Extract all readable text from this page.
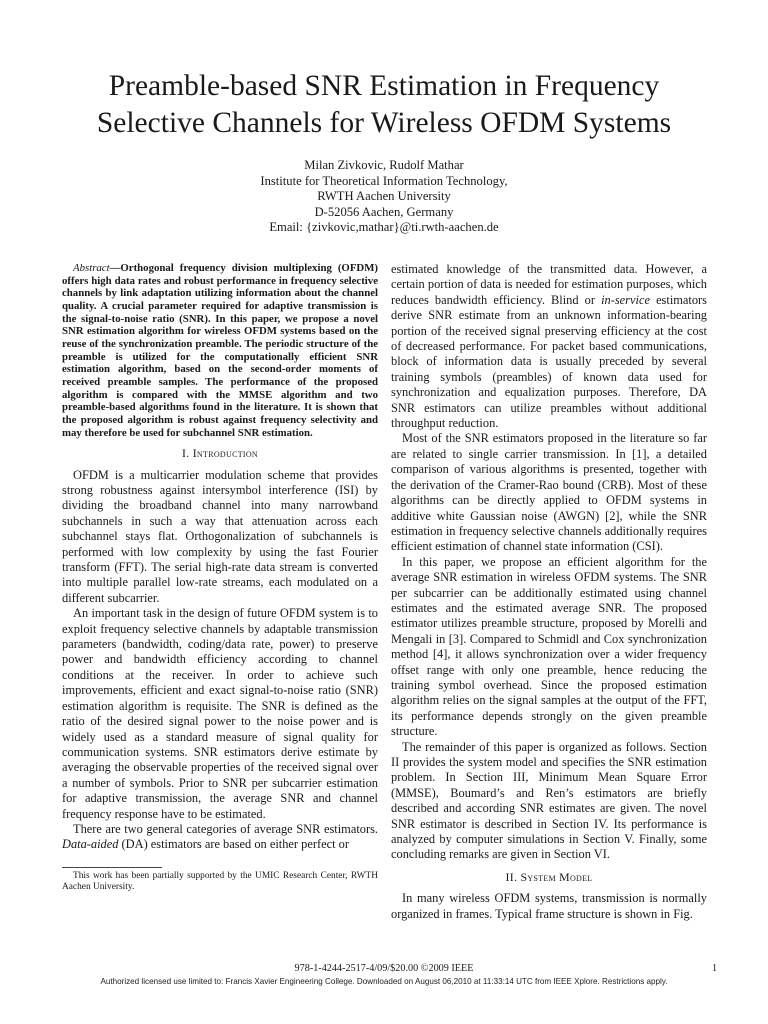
Preamble-based SNR Estimation in Frequency
Selective Channels for Wireless OFDM Systems
Milan Zivkovic, Rudolf Mathar
Institute for Theoretical Information Technology,
RWTH Aachen University
D-52056 Aachen, Germany
Email: {zivkovic,mathar}@ti.rwth-aachen.de

Abstract—Orthogonal frequency division multiplexing (OFDM) offers high data rates and robust performance in frequency selective channels by link adaptation utilizing information about the channel quality. A crucial parameter required for adaptive transmission is the signal-to-noise ratio (SNR). In this paper, we propose a novel SNR estimation algorithm for wireless OFDM systems based on the reuse of the synchronization preamble. The periodic structure of the preamble is utilized for the computationally efficient SNR estimation algorithm, based on the second-order moments of received preamble samples. The performance of the proposed algorithm is compared with the MMSE algorithm and two preamble-based algorithms found in the literature. It is shown that the proposed algorithm is robust against frequency selectivity and may therefore be used for subchannel SNR estimation.

I. Introduction

OFDM is a multicarrier modulation scheme that provides strong robustness against intersymbol interference (ISI) by dividing the broadband channel into many narrowband subchannels in such a way that attenuation across each subchannel stays flat. Orthogonalization of subchannels is performed with low complexity by using the fast Fourier transform (FFT). The serial high-rate data stream is converted into multiple parallel low-rate streams, each modulated on a different subcarrier.

An important task in the design of future OFDM system is to exploit frequency selective channels by adaptable transmission parameters (bandwidth, coding/data rate, power) to preserve power and bandwidth efficiency according to channel conditions at the receiver. In order to achieve such improvements, efficient and exact signal-to-noise ratio (SNR) estimation algorithm is requisite. The SNR is defined as the ratio of the desired signal power to the noise power and is widely used as a standard measure of signal quality for communication systems. SNR estimators derive estimate by averaging the observable properties of the received signal over a number of symbols. Prior to SNR per subcarrier estimation for adaptive transmission, the average SNR and channel frequency response have to be estimated.

There are two general categories of average SNR estimators. Data-aided (DA) estimators are based on either perfect or

This work has been partially supported by the UMIC Research Center, RWTH Aachen University.

estimated knowledge of the transmitted data. However, a certain portion of data is needed for estimation purposes, which reduces bandwidth efficiency. Blind or in-service estimators derive SNR estimate from an unknown information-bearing portion of the received signal preserving efficiency at the cost of decreased performance. For packet based communications, block of information data is usually preceded by several training symbols (preambles) of known data used for synchronization and equalization purposes. Therefore, DA SNR estimators can utilize preambles without additional throughput reduction.

Most of the SNR estimators proposed in the literature so far are related to single carrier transmission. In [1], a detailed comparison of various algorithms is presented, together with the derivation of the Cramer-Rao bound (CRB). Most of these algorithms can be directly applied to OFDM systems in additive white Gaussian noise (AWGN) [2], while the SNR estimation in frequency selective channels additionally requires efficient estimation of channel state information (CSI).

In this paper, we propose an efficient algorithm for the average SNR estimation in wireless OFDM systems. The SNR per subcarrier can be additionally estimated using channel estimates and the estimated average SNR. The proposed estimator utilizes preamble structure, proposed by Morelli and Mengali in [3]. Compared to Schmidl and Cox synchronization method [4], it allows synchronization over a wider frequency offset range with only one preamble, hence reducing the training symbol overhead. Since the proposed estimation algorithm relies on the signal samples at the output of the FFT, its performance depends strongly on the given preamble structure.

The remainder of this paper is organized as follows. Section II provides the system model and specifies the SNR estimation problem. In Section III, Minimum Mean Square Error (MMSE), Boumard’s and Ren’s estimators are briefly described and according SNR estimates are given. The novel SNR estimator is described in Section IV. Its performance is analyzed by computer simulations in Section V. Finally, some concluding remarks are given in Section VI.

II. System Model

In many wireless OFDM systems, transmission is normally organized in frames. Typical frame structure is shown in Fig.

978-1-4244-2517-4/09/$20.00 ©2009 IEEE	1
Authorized licensed use limited to: Francis Xavier Engineering College. Downloaded on August 06,2010 at 11:33:14 UTC from IEEE Xplore. Restrictions apply.
